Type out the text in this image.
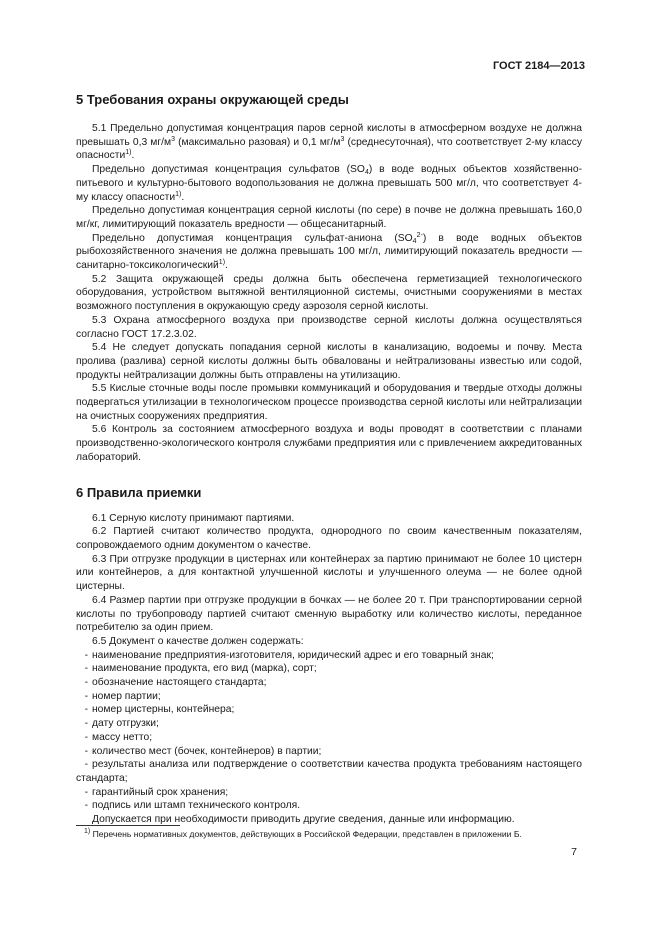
ГОСТ 2184—2013
5 Требования охраны окружающей среды

5.1 Предельно допустимая концентрация паров серной кислоты в атмосферном воздухе не должна превышать 0,3 $мг/м^3$ (максимально разовая) и 0,1 $мг/м^3$ (среднесуточная), что соответствует 2-му классу опасности$^{1)}$.

Предельно допустимая концентрация сульфатов $(SO_4)$ в воде водных объектов хозяйственно-питьевого и культурно-бытового водопользования не должна превышать 500 мг/л, что соответствует 4-му классу опасности$^{1)}$.

Предельно допустимая концентрация серной кислоты (по сере) в почве не должна превышать 160,0 мг/кг, лимитирующий показатель вредности — общесанитарный.

Предельно допустимая концентрация сульфат-аниона $(SO_4^{2-})$ в воде водных объектов рыбохозяйственного значения не должна превышать 100 мг/л, лимитирующий показатель вредности — санитарно-токсикологический$^{1)}$.

5.2 Защита окружающей среды должна быть обеспечена герметизацией технологического оборудования, устройством вытяжной вентиляционной системы, очистными сооружениями в местах возможного поступления в окружающую среду аэрозоля серной кислоты.

5.3 Охрана атмосферного воздуха при производстве серной кислоты должна осуществляться согласно ГОСТ 17.2.3.02.

5.4 Не следует допускать попадания серной кислоты в канализацию, водоемы и почву. Места пролива (разлива) серной кислоты должны быть обвалованы и нейтрализованы известью или содой, продукты нейтрализации должны быть отправлены на утилизацию.

5.5 Кислые сточные воды после промывки коммуникаций и оборудования и твердые отходы должны подвергаться утилизации в технологическом процессе производства серной кислоты или нейтрализации на очистных сооружениях предприятия.

5.6 Контроль за состоянием атмосферного воздуха и воды проводят в соответствии с планами производственно-экологического контроля службами предприятия или с привлечением аккредитованных лабораторий.

6 Правила приемки

6.1 Серную кислоту принимают партиями.

6.2 Партией считают количество продукта, однородного по своим качественным показателям, сопровождаемого одним документом о качестве.

6.3 При отгрузке продукции в цистернах или контейнерах за партию принимают не более 10 цистерн или контейнеров, а для контактной улучшенной кислоты и улучшенного олеума — не более одной цистерны.

6.4 Размер партии при отгрузке продукции в бочках — не более 20 т. При транспортировании серной кислоты по трубопроводу партией считают сменную выработку или количество кислоты, переданное потребителю за один прием.

6.5 Документ о качестве должен содержать:

- наименование предприятия-изготовителя, юридический адрес и его товарный знак;
- наименование продукта, его вид (марка), сорт;
- обозначение настоящего стандарта;
- номер партии;
- номер цистерны, контейнера;
- дату отгрузки;
- массу нетто;
- количество мест (бочек, контейнеров) в партии;
- результаты анализа или подтверждение о соответствии качества продукта требованиям настоящего стандарта;
- гарантийный срок хранения;
- подпись или штамп технического контроля.

Допускается при необходимости приводить другие сведения, данные или информацию.

$^{1)}$ Перечень нормативных документов, действующих в Российской Федерации, представлен в приложении Б.
7
